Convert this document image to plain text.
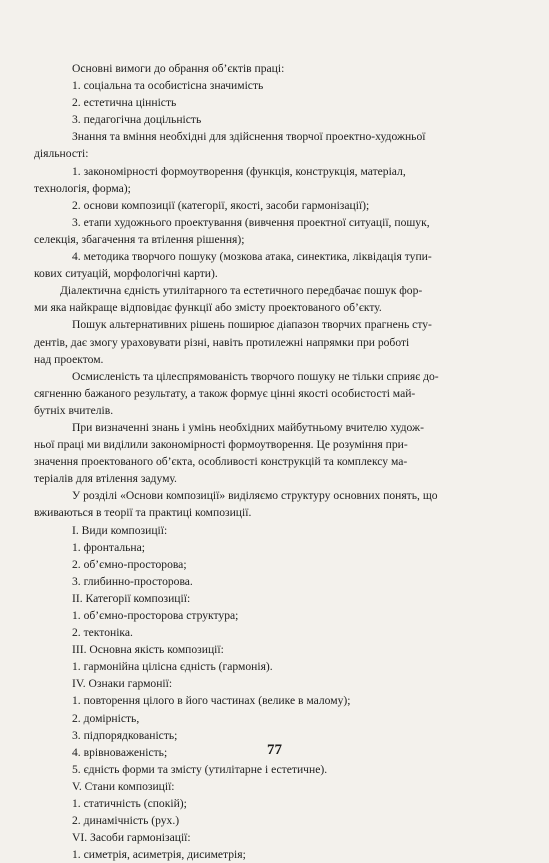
Основні вимоги до обрання об’єктів праці:
1. соціальна та особистісна значимість
2. естетична цінність
3. педагогічна доцільність
Знання та вміння необхідні для здійснення творчої проектно-художньої
діяльності:
1. закономірності формоутворення (функція, конструкція, матеріал,
технологія, форма);
2. основи композиції (категорії, якості, засоби гармонізації);
3. етапи художнього проектування (вивчення проектної ситуації, пошук,
селекція, збагачення та втілення рішення);
4. методика творчого пошуку (мозкова атака, синектика, ліквідація тупи-
кових ситуацій, морфологічні карти).
Діалектична єдність утилітарного та естетичного передбачає пошук фор-
ми яка найкраще відповідає функції або змісту проектованого об’єкту.
Пошук альтернативних рішень поширює діапазон творчих прагнень сту-
дентів, дає змогу ураховувати різні, навіть протилежні напрямки при роботі
над проектом.
Осмисленість та цілеспрямованість творчого пошуку не тільки сприяє до-
сягненню бажаного результату, а також формує цінні якості особистості май-
бутніх вчителів.
При визначенні знань і умінь необхідних майбутньому вчителю худож-
ньої праці ми виділили закономірності формоутворення. Це розуміння при-
значення проектованого об’єкта, особливості конструкцій та комплексу ма-
теріалів для втілення задуму.
У розділі «Основи композиції» виділяємо структуру основних понять, що
вживаються в теорії та практиці композиції.
І. Види композиції:
1. фронтальна;
2. об’ємно-просторова;
3. глибинно-просторова.
II. Категорії композиції:
1. об’ємно-просторова структура;
2. тектоніка.
III. Основна якість композиції:
1. гармонійна цілісна єдність (гармонія).
IV. Ознаки гармонії:
1. повторення цілого в його частинах (велике в малому);
2. домірність,
3. підпорядкованість;
4. врівноваженість;
5. єдність форми та змісту (утилітарне і естетичне).
V. Стани композиції:
1. статичність (спокій);
2. динамічність (рух.)
VI. Засоби гармонізації:
1. симетрія, асиметрія, дисиметрія;
77
